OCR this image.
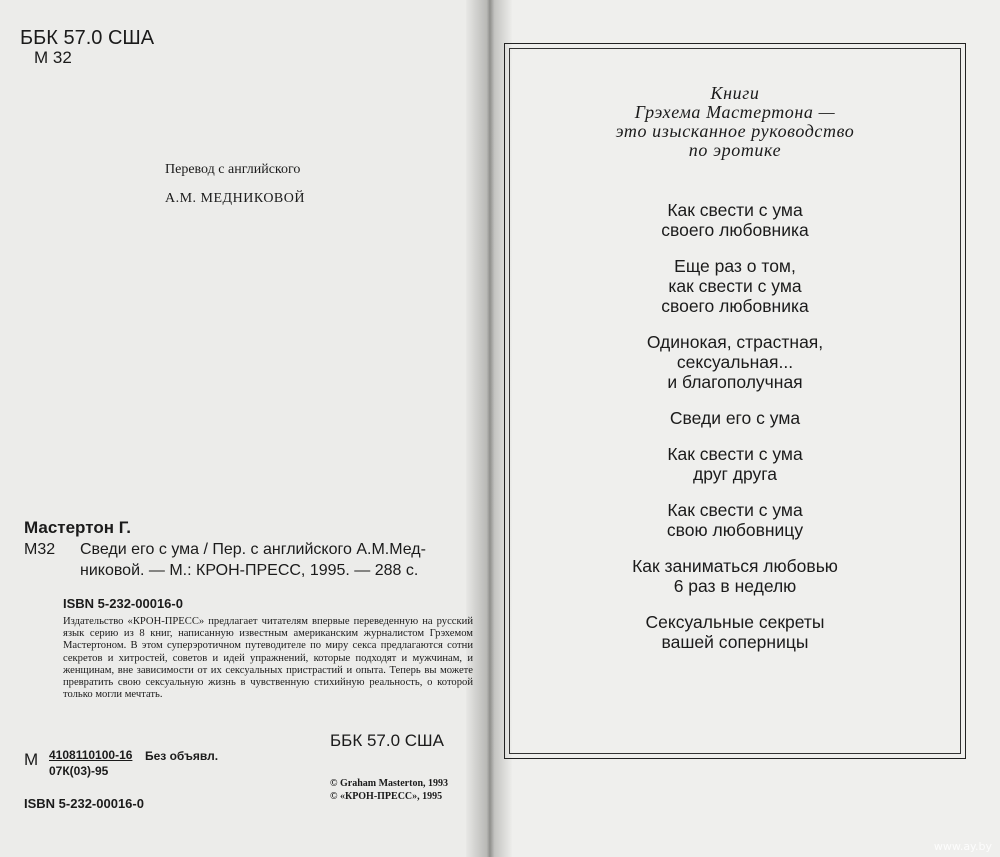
ББК 57.0 США
М 32
Перевод с английского
А.М. МЕДНИКОВОЙ
Мастертон Г.
М32 Сведи его с ума / Пер. с английского А.М.Мед-
никовой. — М.: КРОН-ПРЕСС, 1995. — 288 с.
ISBN 5-232-00016-0
Издательство «КРОН-ПРЕСС» предлагает читателям впервые переведенную на русский язык серию из 8 книг, написанную известным американским журналистом Грэхемом Мастертоном. В этом суперэротичном путеводителе по миру секса предлагаются сотни секретов и хитростей, советов и идей упражнений, которые подходят и мужчинам, и женщинам, вне зависимости от их сексуальных пристрастий и опыта. Теперь вы можете превратить свою сексуальную жизнь в чувственную стихийную реальность, о которой только могли мечтать.
М 4108110100-16
07К(03)-95
Без объявл.
ББК 57.0 США
© Graham Masterton, 1993
© «КРОН-ПРЕСС», 1995
ISBN 5-232-00016-0
Книги
Грэхема Мастертона —
это изысканное руководство
по эротике
Как свести с ума
своего любовника
Еще раз о том,
как свести с ума
своего любовника
Одинокая, страстная,
сексуальная...
и благополучная
Сведи его с ума
Как свести с ума
друг друга
Как свести с ума
свою любовницу
Как заниматься любовью
6 раз в неделю
Сексуальные секреты
вашей соперницы
www.ay.by
